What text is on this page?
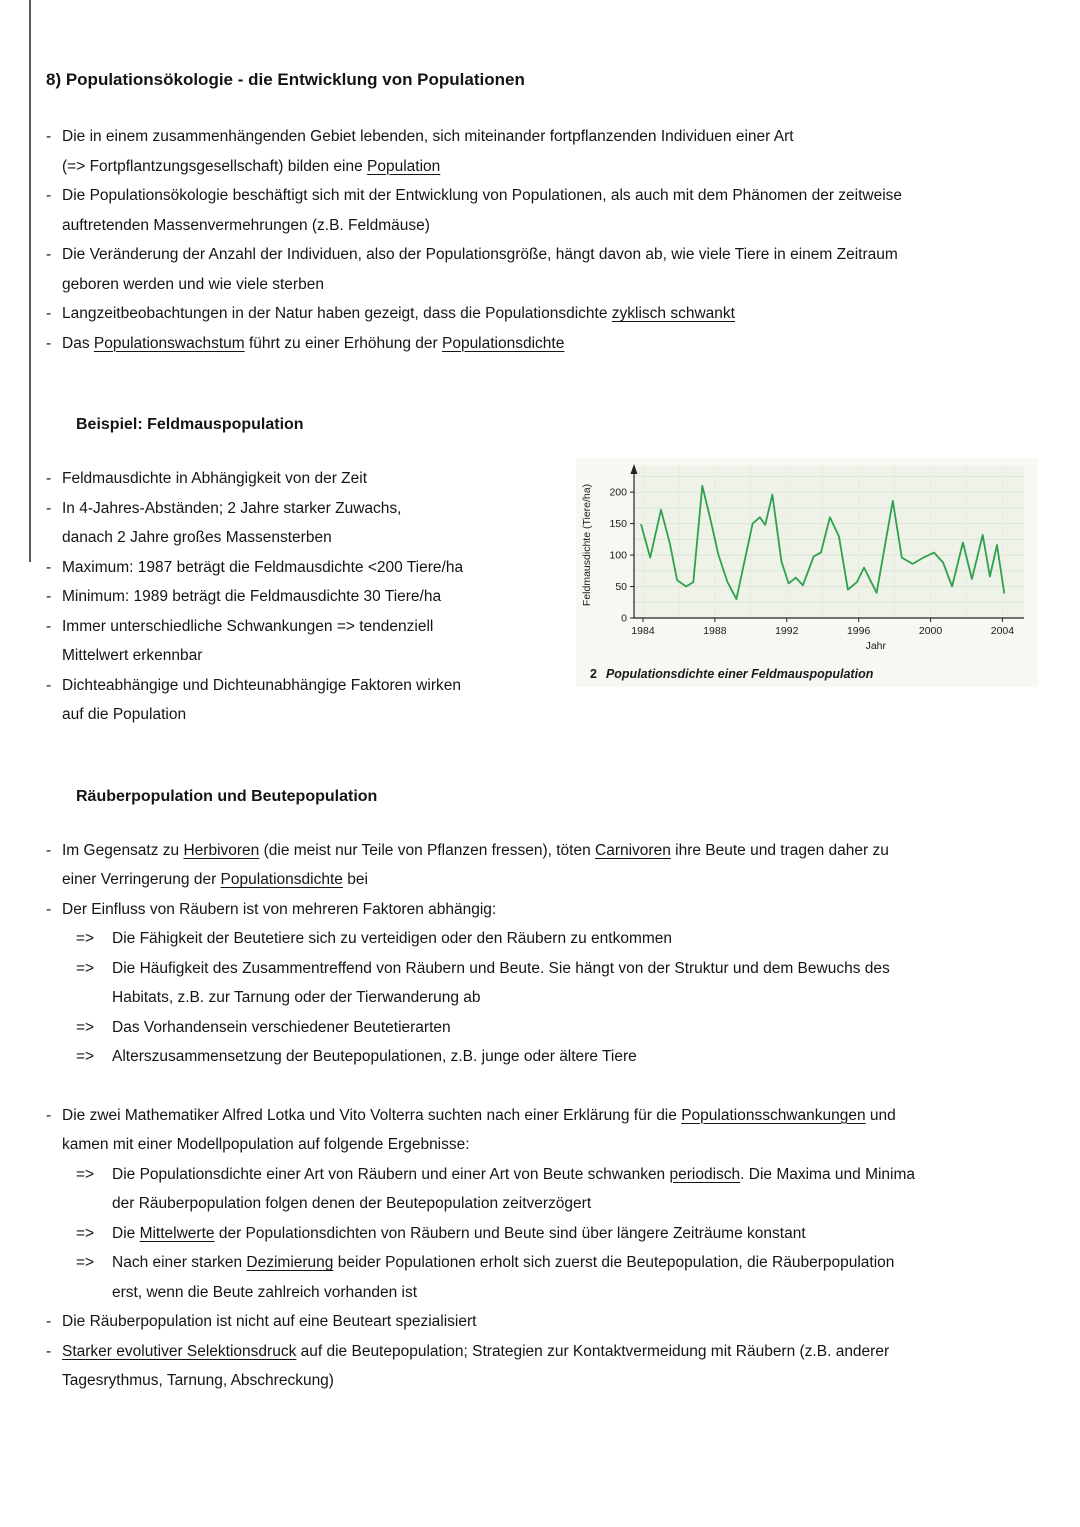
8) Populationsökologie - die Entwicklung von Populationen
- Die in einem zusammenhängenden Gebiet lebenden, sich miteinander fortpflanzenden Individuen einer Art
(=> Fortpflantzungsgesellschaft) bilden eine Population
- Die Populationsökologie beschäftigt sich mit der Entwicklung von Populationen, als auch mit dem Phänomen der zeitweise
auftretenden Massenvermehrungen (z.B. Feldmäuse)
- Die Veränderung der Anzahl der Individuen, also der Populationsgröße, hängt davon ab, wie viele Tiere in einem Zeitraum
geboren werden und wie viele sterben
- Langzeitbeobachtungen in der Natur haben gezeigt, dass die Populationsdichte zyklisch schwankt
- Das Populationswachstum führt zu einer Erhöhung der Populationsdichte
Beispiel: Feldmauspopulation
- Feldmausdichte in Abhängigkeit von der Zeit
- In 4-Jahres-Abständen; 2 Jahre starker Zuwachs,
danach 2 Jahre großes Massensterben
- Maximum: 1987 beträgt die Feldmausdichte <200 Tiere/ha
- Minimum: 1989 beträgt die Feldmausdichte 30 Tiere/ha
- Immer unterschiedliche Schwankungen => tendenziell
Mittelwert erkennbar
- Dichteabhängige und Dichteunabhängige Faktoren wirken
auf die Population
0
50
100
150
200
1984	1988	1992	1996	2000	2004
Feldmausdichte (Tiere/ha)
Jahr
2 Populationsdichte einer Feldmauspopulation
Räuberpopulation und Beutepopulation
- Im Gegensatz zu Herbivoren (die meist nur Teile von Pflanzen fressen), töten Carnivoren ihre Beute und tragen daher zu
einer Verringerung der Populationsdichte bei
- Der Einfluss von Räubern ist von mehreren Faktoren abhängig:
=>	Die Fähigkeit der Beutetiere sich zu verteidigen oder den Räubern zu entkommen
=>	Die Häufigkeit des Zusammentreffend von Räubern und Beute. Sie hängt von der Struktur und dem Bewuchs des
Habitats, z.B. zur Tarnung oder der Tierwanderung ab
=>	Das Vorhandensein verschiedener Beutetierarten
=>	Alterszusammensetzung der Beutepopulationen, z.B. junge oder ältere Tiere
- Die zwei Mathematiker Alfred Lotka und Vito Volterra suchten nach einer Erklärung für die Populationsschwankungen und
kamen mit einer Modellpopulation auf folgende Ergebnisse:
=>	Die Populationsdichte einer Art von Räubern und einer Art von Beute schwanken periodisch. Die Maxima und Minima
der Räuberpopulation folgen denen der Beutepopulation zeitverzögert
=>	Die Mittelwerte der Populationsdichten von Räubern und Beute sind über längere Zeiträume konstant
=>	Nach einer starken Dezimierung beider Populationen erholt sich zuerst die Beutepopulation, die Räuberpopulation
erst, wenn die Beute zahlreich vorhanden ist
- Die Räuberpopulation ist nicht auf eine Beuteart spezialisiert
- Starker evolutiver Selektionsdruck auf die Beutepopulation; Strategien zur Kontaktvermeidung mit Räubern (z.B. anderer
Tagesrythmus, Tarnung, Abschreckung)
